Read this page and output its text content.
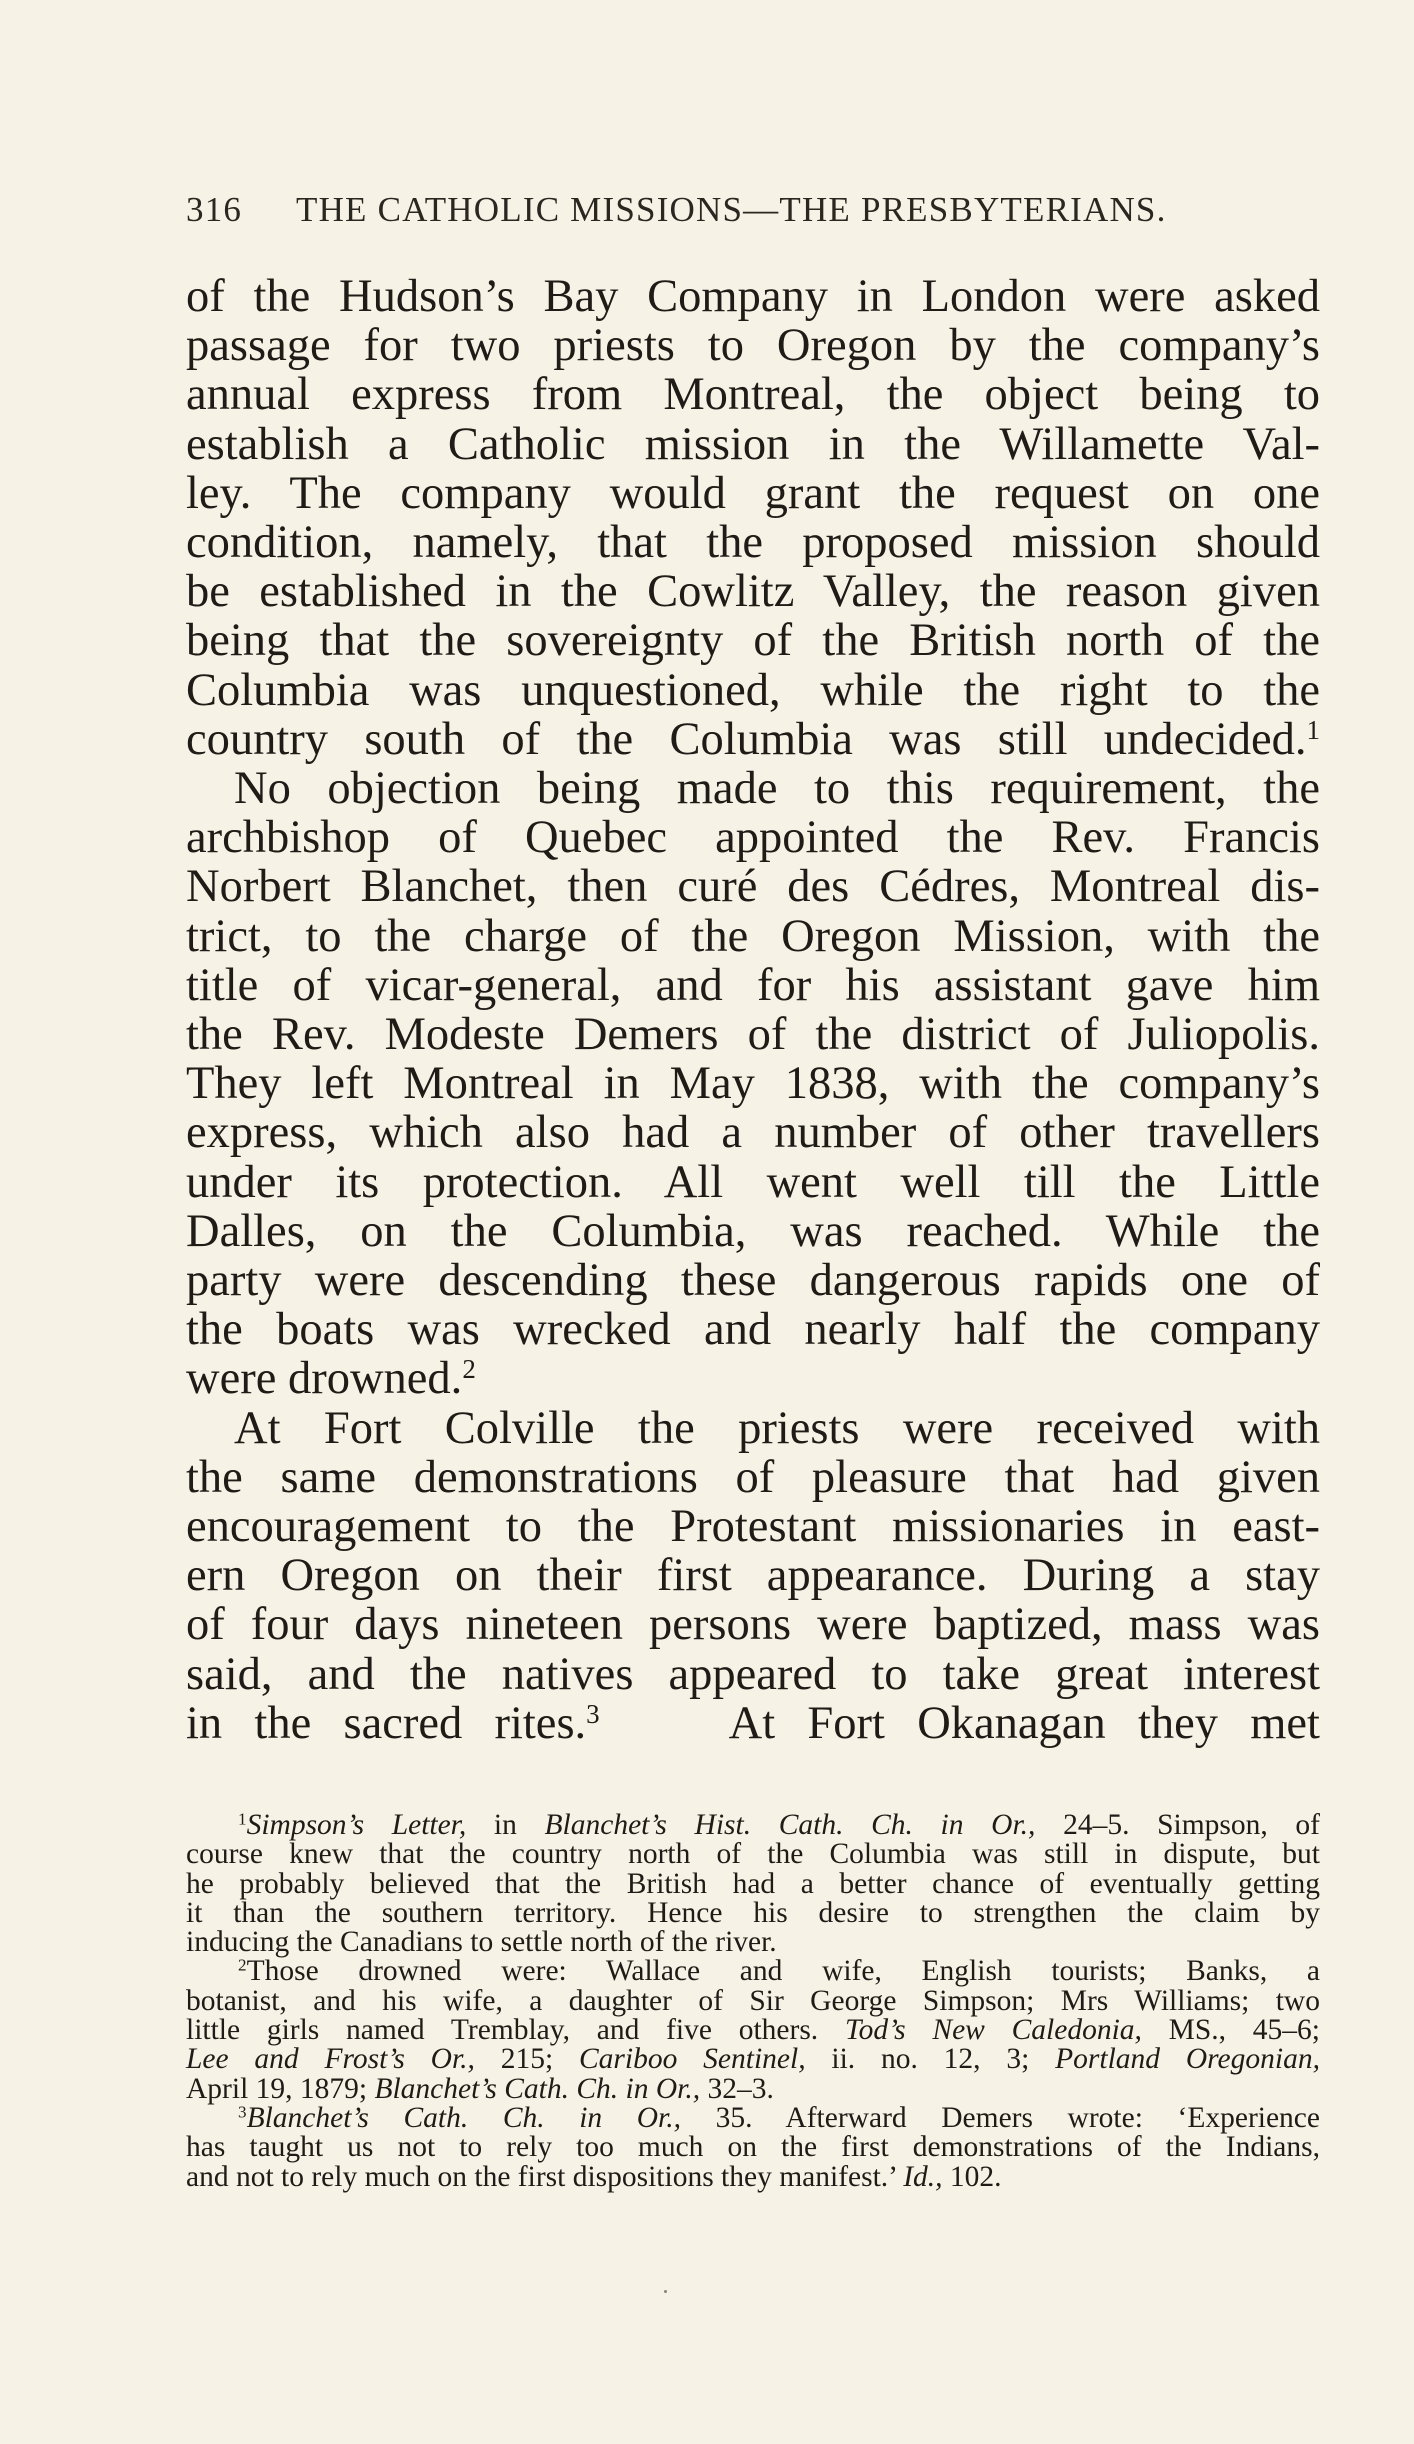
316 THE CATHOLIC MISSIONS—THE PRESBYTERIANS.
of the Hudson’s Bay Company in London were asked
passage for two priests to Oregon by the company’s
annual express from Montreal, the object being to
establish a Catholic mission in the Willamette Val-
ley. The company would grant the request on one
condition, namely, that the proposed mission should
be established in the Cowlitz Valley, the reason given
being that the sovereignty of the British north of the
Columbia was unquestioned, while the right to the
country south of the Columbia was still undecided.$^1$
No objection being made to this requirement, the
archbishop of Quebec appointed the Rev. Francis
Norbert Blanchet, then curé des Cédres, Montreal dis-
trict, to the charge of the Oregon Mission, with the
title of vicar-general, and for his assistant gave him
the Rev. Modeste Demers of the district of Juliopolis.
They left Montreal in May 1838, with the company’s
express, which also had a number of other travellers
under its protection. All went well till the Little
Dalles, on the Columbia, was reached. While the
party were descending these dangerous rapids one of
the boats was wrecked and nearly half the company
were drowned.$^2$
At Fort Colville the priests were received with
the same demonstrations of pleasure that had given
encouragement to the Protestant missionaries in east-
ern Oregon on their first appearance. During a stay
of four days nineteen persons were baptized, mass was
said, and the natives appeared to take great interest
in the sacred rites.$^3$	At Fort Okanagan they met
$^1$Simpson’s Letter, in Blanchet’s Hist. Cath. Ch. in Or., 24–5. Simpson, of
course knew that the country north of the Columbia was still in dispute, but
he probably believed that the British had a better chance of eventually getting
it than the southern territory. Hence his desire to strengthen the claim by
inducing the Canadians to settle north of the river.
$^2$Those drowned were: Wallace and wife, English tourists; Banks, a
botanist, and his wife, a daughter of Sir George Simpson; Mrs Williams; two
little girls named Tremblay, and five others. Tod’s New Caledonia, MS., 45–6;
Lee and Frost’s Or., 215; Cariboo Sentinel, ii. no. 12, 3; Portland Oregonian,
April 19, 1879; Blanchet’s Cath. Ch. in Or., 32–3.
$^3$Blanchet’s Cath. Ch. in Or., 35. Afterward Demers wrote: ‘Experience
has taught us not to rely too much on the first demonstrations of the Indians,
and not to rely much on the first dispositions they manifest.’ Id., 102.
